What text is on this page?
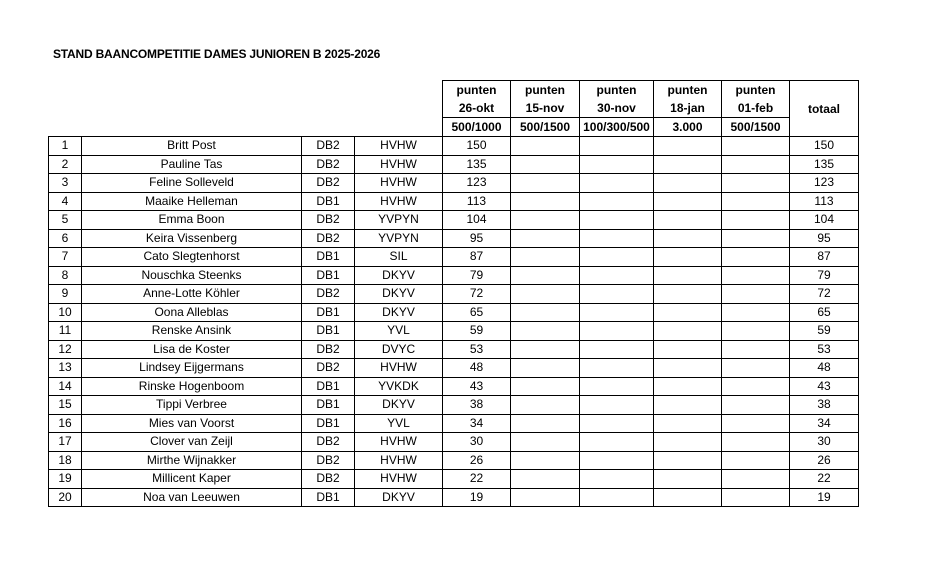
STAND BAANCOMPETITIE DAMES JUNIOREN B 2025-2026
				punten	punten	punten	punten	punten	
				26-okt	15-nov	30-nov	18-jan	01-feb	totaal
				500/1000	500/1500	100/300/500	3.000	500/1500	
1	Britt Post	DB2	HVHW	150					150
2	Pauline Tas	DB2	HVHW	135					135
3	Feline Solleveld	DB2	HVHW	123					123
4	Maaike Helleman	DB1	HVHW	113					113
5	Emma Boon	DB2	YVPYN	104					104
6	Keira Vissenberg	DB2	YVPYN	95					95
7	Cato Slegtenhorst	DB1	SIL	87					87
8	Nouschka Steenks	DB1	DKYV	79					79
9	Anne-Lotte Köhler	DB2	DKYV	72					72
10	Oona Alleblas	DB1	DKYV	65					65
11	Renske Ansink	DB1	YVL	59					59
12	Lisa de Koster	DB2	DVYC	53					53
13	Lindsey Eijgermans	DB2	HVHW	48					48
14	Rinske Hogenboom	DB1	YVKDK	43					43
15	Tippi Verbree	DB1	DKYV	38					38
16	Mies van Voorst	DB1	YVL	34					34
17	Clover van Zeijl	DB2	HVHW	30					30
18	Mirthe Wijnakker	DB2	HVHW	26					26
19	Millicent Kaper	DB2	HVHW	22					22
20	Noa van Leeuwen	DB1	DKYV	19					19
